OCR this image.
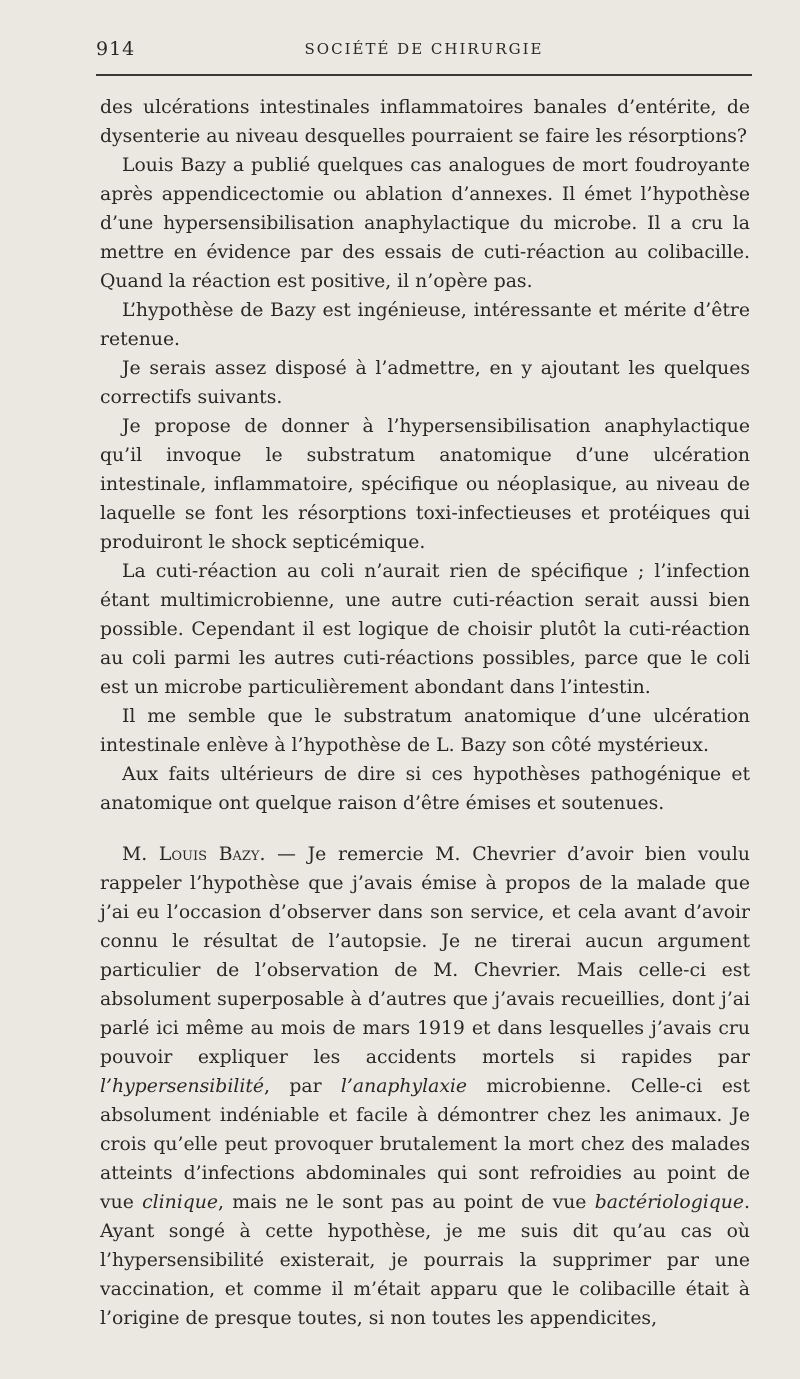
914	SOCIÉTÉ DE CHIRURGIE

des ulcérations intestinales inflammatoires banales d’entérite, de dysenterie au niveau desquelles pourraient se faire les résorptions?

Louis Bazy a publié quelques cas analogues de mort foudroyante après appendicectomie ou ablation d’annexes. Il émet l’hypothèse d’une hypersensibilisation anaphylactique du microbe. Il a cru la mettre en évidence par des essais de cuti-réaction au colibacille. Quand la réaction est positive, il n’opère pas.

L’hypothèse de Bazy est ingénieuse, intéressante et mérite d’être retenue.

Je serais assez disposé à l’admettre, en y ajoutant les quelques correctifs suivants.

Je propose de donner à l’hypersensibilisation anaphylactique qu’il invoque le substratum anatomique d’une ulcération intestinale, inflammatoire, spécifique ou néoplasique, au niveau de laquelle se font les résorptions toxi-infectieuses et protéiques qui produiront le shock septicémique.

La cuti-réaction au coli n’aurait rien de spécifique ; l’infection étant multimicrobienne, une autre cuti-réaction serait aussi bien possible. Cependant il est logique de choisir plutôt la cuti-réaction au coli parmi les autres cuti-réactions possibles, parce que le coli est un microbe particulièrement abondant dans l’intestin.

Il me semble que le substratum anatomique d’une ulcération intestinale enlève à l’hypothèse de L. Bazy son côté mystérieux.

Aux faits ultérieurs de dire si ces hypothèses pathogénique et anatomique ont quelque raison d’être émises et soutenues.

M. Louis Bazy. — Je remercie M. Chevrier d’avoir bien voulu rappeler l’hypothèse que j’avais émise à propos de la malade que j’ai eu l’occasion d’observer dans son service, et cela avant d’avoir connu le résultat de l’autopsie. Je ne tirerai aucun argument particulier de l’observation de M. Chevrier. Mais celle-ci est absolument superposable à d’autres que j’avais recueillies, dont j’ai parlé ici même au mois de mars 1919 et dans lesquelles j’avais cru pouvoir expliquer les accidents mortels si rapides par l’hypersensibilité, par l’anaphylaxie microbienne. Celle-ci est absolument indéniable et facile à démontrer chez les animaux. Je crois qu’elle peut provoquer brutalement la mort chez des malades atteints d’infections abdominales qui sont refroidies au point de vue clinique, mais ne le sont pas au point de vue bactériologique. Ayant songé à cette hypothèse, je me suis dit qu’au cas où l’hypersensibilité existerait, je pourrais la supprimer par une vaccination, et comme il m’était apparu que le colibacille était à l’origine de presque toutes, si non toutes les appendicites,
